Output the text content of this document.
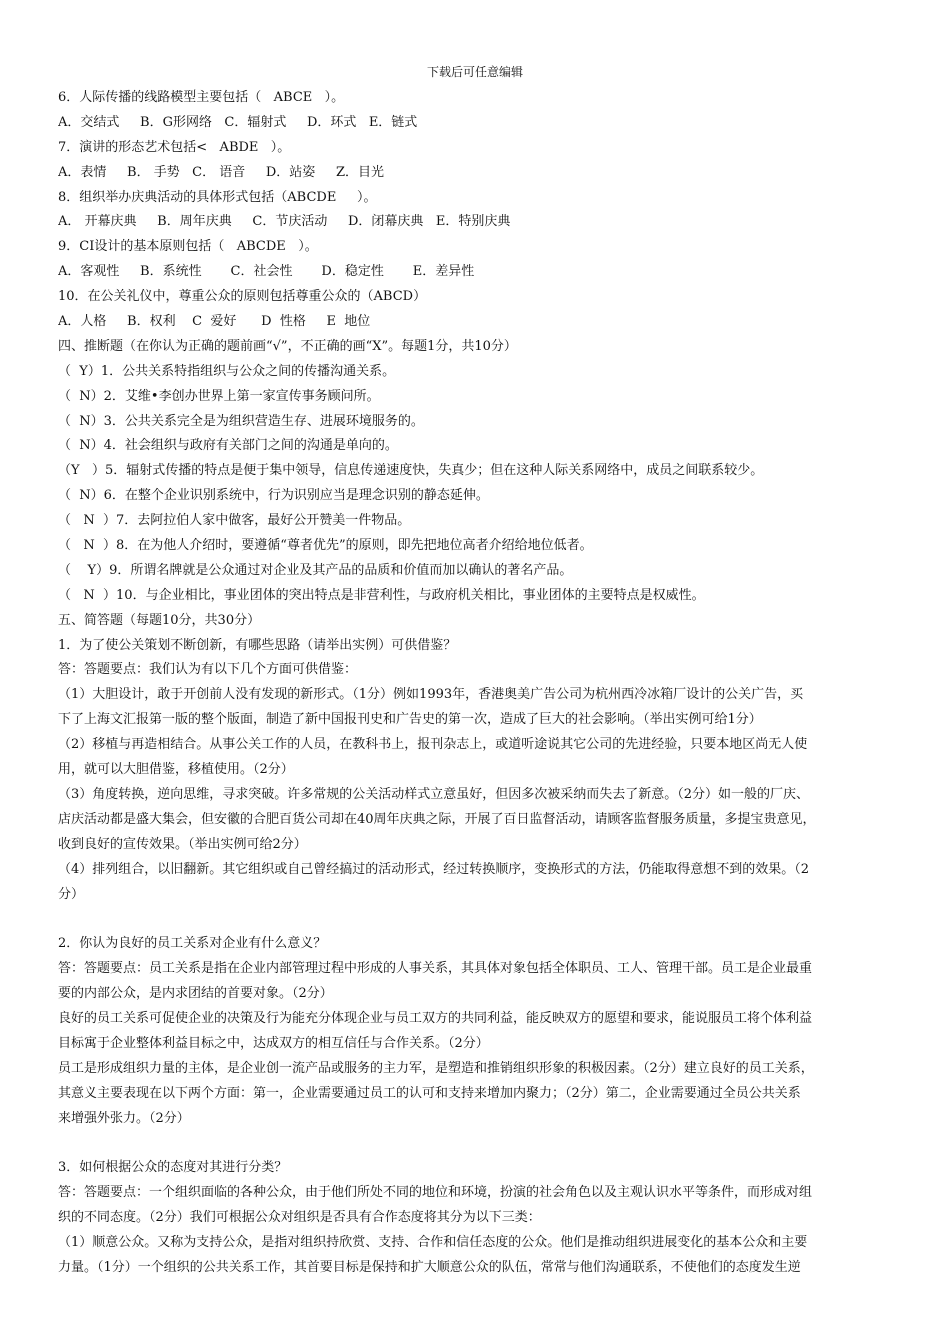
下载后可任意编辑
6．人际传播的线路模型主要包括（   ABCE   ）。
A．交结式     B．G形网络   C．辐射式     D．环式   E．链式
7．演讲的形态艺术包括<   ABDE   ）。
A．表情     B． 手势   C． 语音     D．站姿     Z．目光
8．组织举办庆典活动的具体形式包括（ABCDE     ）。
A． 开幕庆典     B．周年庆典     C．节庆活动     D．闭幕庆典   E．特别庆典
9．CI设计的基本原则包括（   ABCDE   ）。
A．客观性     B．系统性       C．社会性       D．稳定性       E．差异性
10．在公关礼仪中，尊重公众的原则包括尊重公众的（ABCD）
A．人格     B．权利    C  爱好      D  性格     E  地位
四、推断题（在你认为正确的题前画“√”，不正确的画“X”。每题1分，共10分）
（  Y）1．公共关系特指组织与公众之间的传播沟通关系。
（  N）2．艾维•李创办世界上第一家宣传事务顾问所。
（  N）3．公共关系完全是为组织营造生存、进展环境服务的。
（  N）4．社会组织与政府有关部门之间的沟通是单向的。
（Y   ）5．辐射式传播的特点是便于集中领导，信息传递速度快，失真少；但在这种人际关系网络中，成员之间联系较少。
（  N）6．在整个企业识别系统中，行为识别应当是理念识别的静态延伸。
（   N  ）7．去阿拉伯人家中做客，最好公开赞美一件物品。
（   N  ）8．在为他人介绍时，要遵循“尊者优先”的原则，即先把地位高者介绍给地位低者。
（    Y）9．所谓名牌就是公众通过对企业及其产品的品质和价值而加以确认的著名产品。
（   N  ）10．与企业相比，事业团体的突出特点是非营利性，与政府机关相比，事业团体的主要特点是权威性。
五、简答题（每题10分，共30分）
1．为了使公关策划不断创新，有哪些思路（请举出实例）可供借鉴？
答：答题要点：我们认为有以下几个方面可供借鉴：
（1）大胆设计，敢于开创前人没有发现的新形式。（1分）例如1993年，香港奥美广告公司为杭州西冷冰箱厂设计的公关广告，买
下了上海文汇报第一版的整个版面，制造了新中国报刊史和广告史的第一次，造成了巨大的社会影响。（举出实例可给1分）
（2）移植与再造相结合。从事公关工作的人员，在教科书上，报刊杂志上，或道听途说其它公司的先进经验，只要本地区尚无人使
用，就可以大胆借鉴，移植使用。（2分）
（3）角度转换，逆向思维，寻求突破。许多常规的公关活动样式立意虽好，但因多次被采纳而失去了新意。（2分）如一般的厂庆、
店庆活动都是盛大集会，但安徽的合肥百货公司却在40周年庆典之际，开展了百日监督活动，请顾客监督服务质量，多提宝贵意见，
收到良好的宣传效果。（举出实例可给2分）
（4）排列组合，以旧翻新。其它组织或自己曾经搞过的活动形式，经过转换顺序，变换形式的方法，仍能取得意想不到的效果。（2
分）
2．你认为良好的员工关系对企业有什么意义？
答：答题要点：员工关系是指在企业内部管理过程中形成的人事关系，其具体对象包括全体职员、工人、管理干部。员工是企业最重
要的内部公众，是内求团结的首要对象。（2分）
良好的员工关系可促使企业的决策及行为能充分体现企业与员工双方的共同利益，能反映双方的愿望和要求，能说服员工将个体利益
目标寓于企业整体利益目标之中，达成双方的相互信任与合作关系。（2分）
员工是形成组织力量的主体，是企业创一流产品或服务的主力军，是塑造和推销组织形象的积极因素。（2分）建立良好的员工关系，
其意义主要表现在以下两个方面：第一，企业需要通过员工的认可和支持来增加内聚力；（2分）第二，企业需要通过全员公共关系
来增强外张力。（2分）
3．如何根据公众的态度对其进行分类？
答：答题要点：一个组织面临的各种公众，由于他们所处不同的地位和环境，扮演的社会角色以及主观认识水平等条件，而形成对组
织的不同态度。（2分）我们可根据公众对组织是否具有合作态度将其分为以下三类：
（1）顺意公众。又称为支持公众，是指对组织持欣赏、支持、合作和信任态度的公众。他们是推动组织进展变化的基本公众和主要
力量。（1分）一个组织的公共关系工作，其首要目标是保持和扩大顺意公众的队伍，常常与他们沟通联系，不使他们的态度发生逆
